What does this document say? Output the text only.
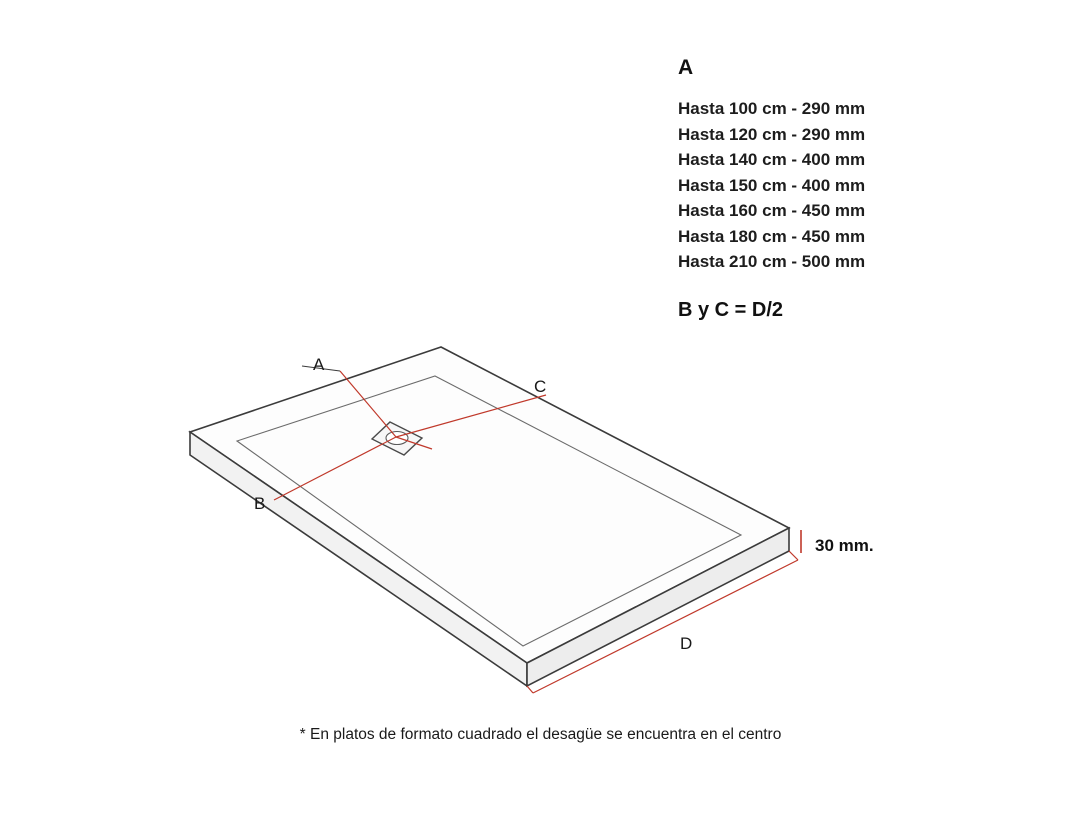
A
Hasta 100 cm - 290 mm
Hasta 120 cm - 290 mm
Hasta 140 cm - 400 mm
Hasta 150 cm - 400 mm
Hasta 160 cm - 450 mm
Hasta 180 cm - 450 mm
Hasta 210 cm - 500 mm
B y C = D/2
A
B
C
D
30 mm.
* En platos de formato cuadrado el desagüe se encuentra en el centro
